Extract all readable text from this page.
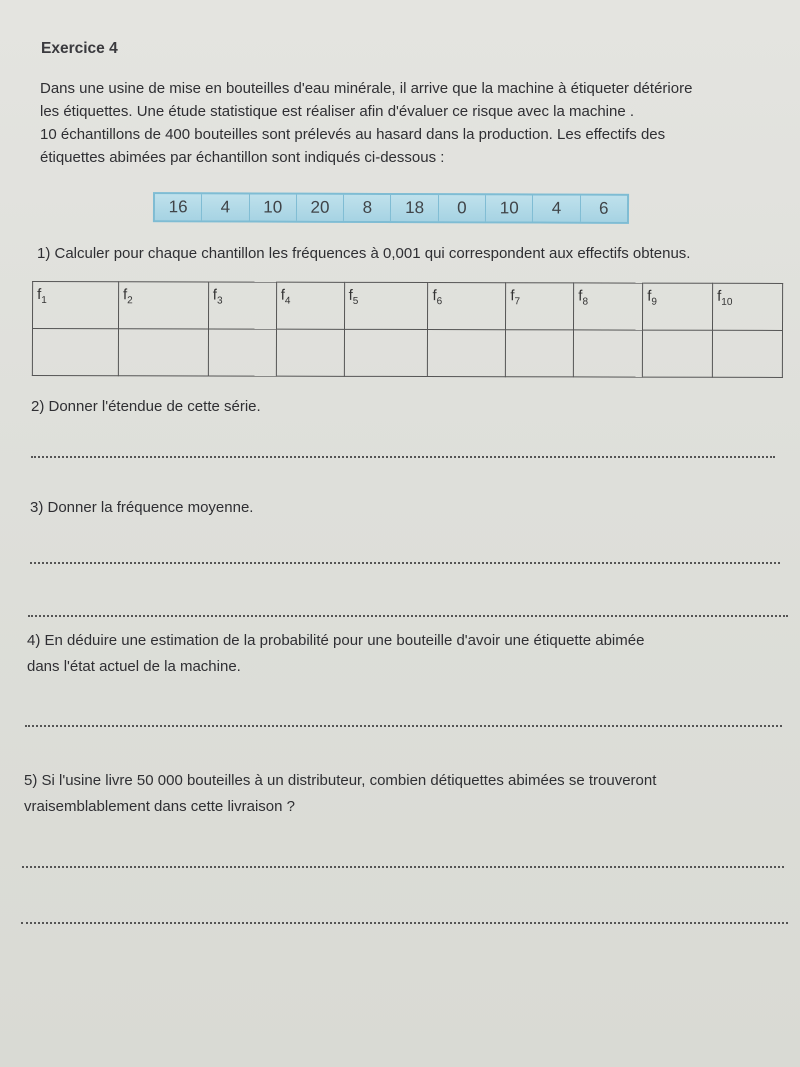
Exercice 4
Dans une usine de mise en bouteilles d'eau minérale, il arrive que la machine à étiqueter détériore
les étiquettes. Une étude statistique est réaliser afin d'évaluer ce risque avec la machine .
10 échantillons de 400 bouteilles sont prélevés au hasard dans la production. Les effectifs des
étiquettes abimées par échantillon sont indiqués ci-dessous :
16	4	10	20	8	18	0	10	4	6
1) Calculer pour chaque chantillon les fréquences à 0,001 qui correspondent aux effectifs obtenus.
$f_1$	$f_2$	$f_3$	$f_4$	$f_5$	$f_6$	$f_7$	$f_8$	$f_9$	$f_{10}$

2) Donner l'étendue de cette série.
3) Donner la fréquence moyenne.
4) En déduire une estimation de la probabilité pour une bouteille d'avoir une étiquette abimée
dans l'état actuel de la machine.
5) Si l'usine livre 50 000 bouteilles à un distributeur, combien détiquettes abimées se trouveront
vraisemblablement dans cette livraison ?
